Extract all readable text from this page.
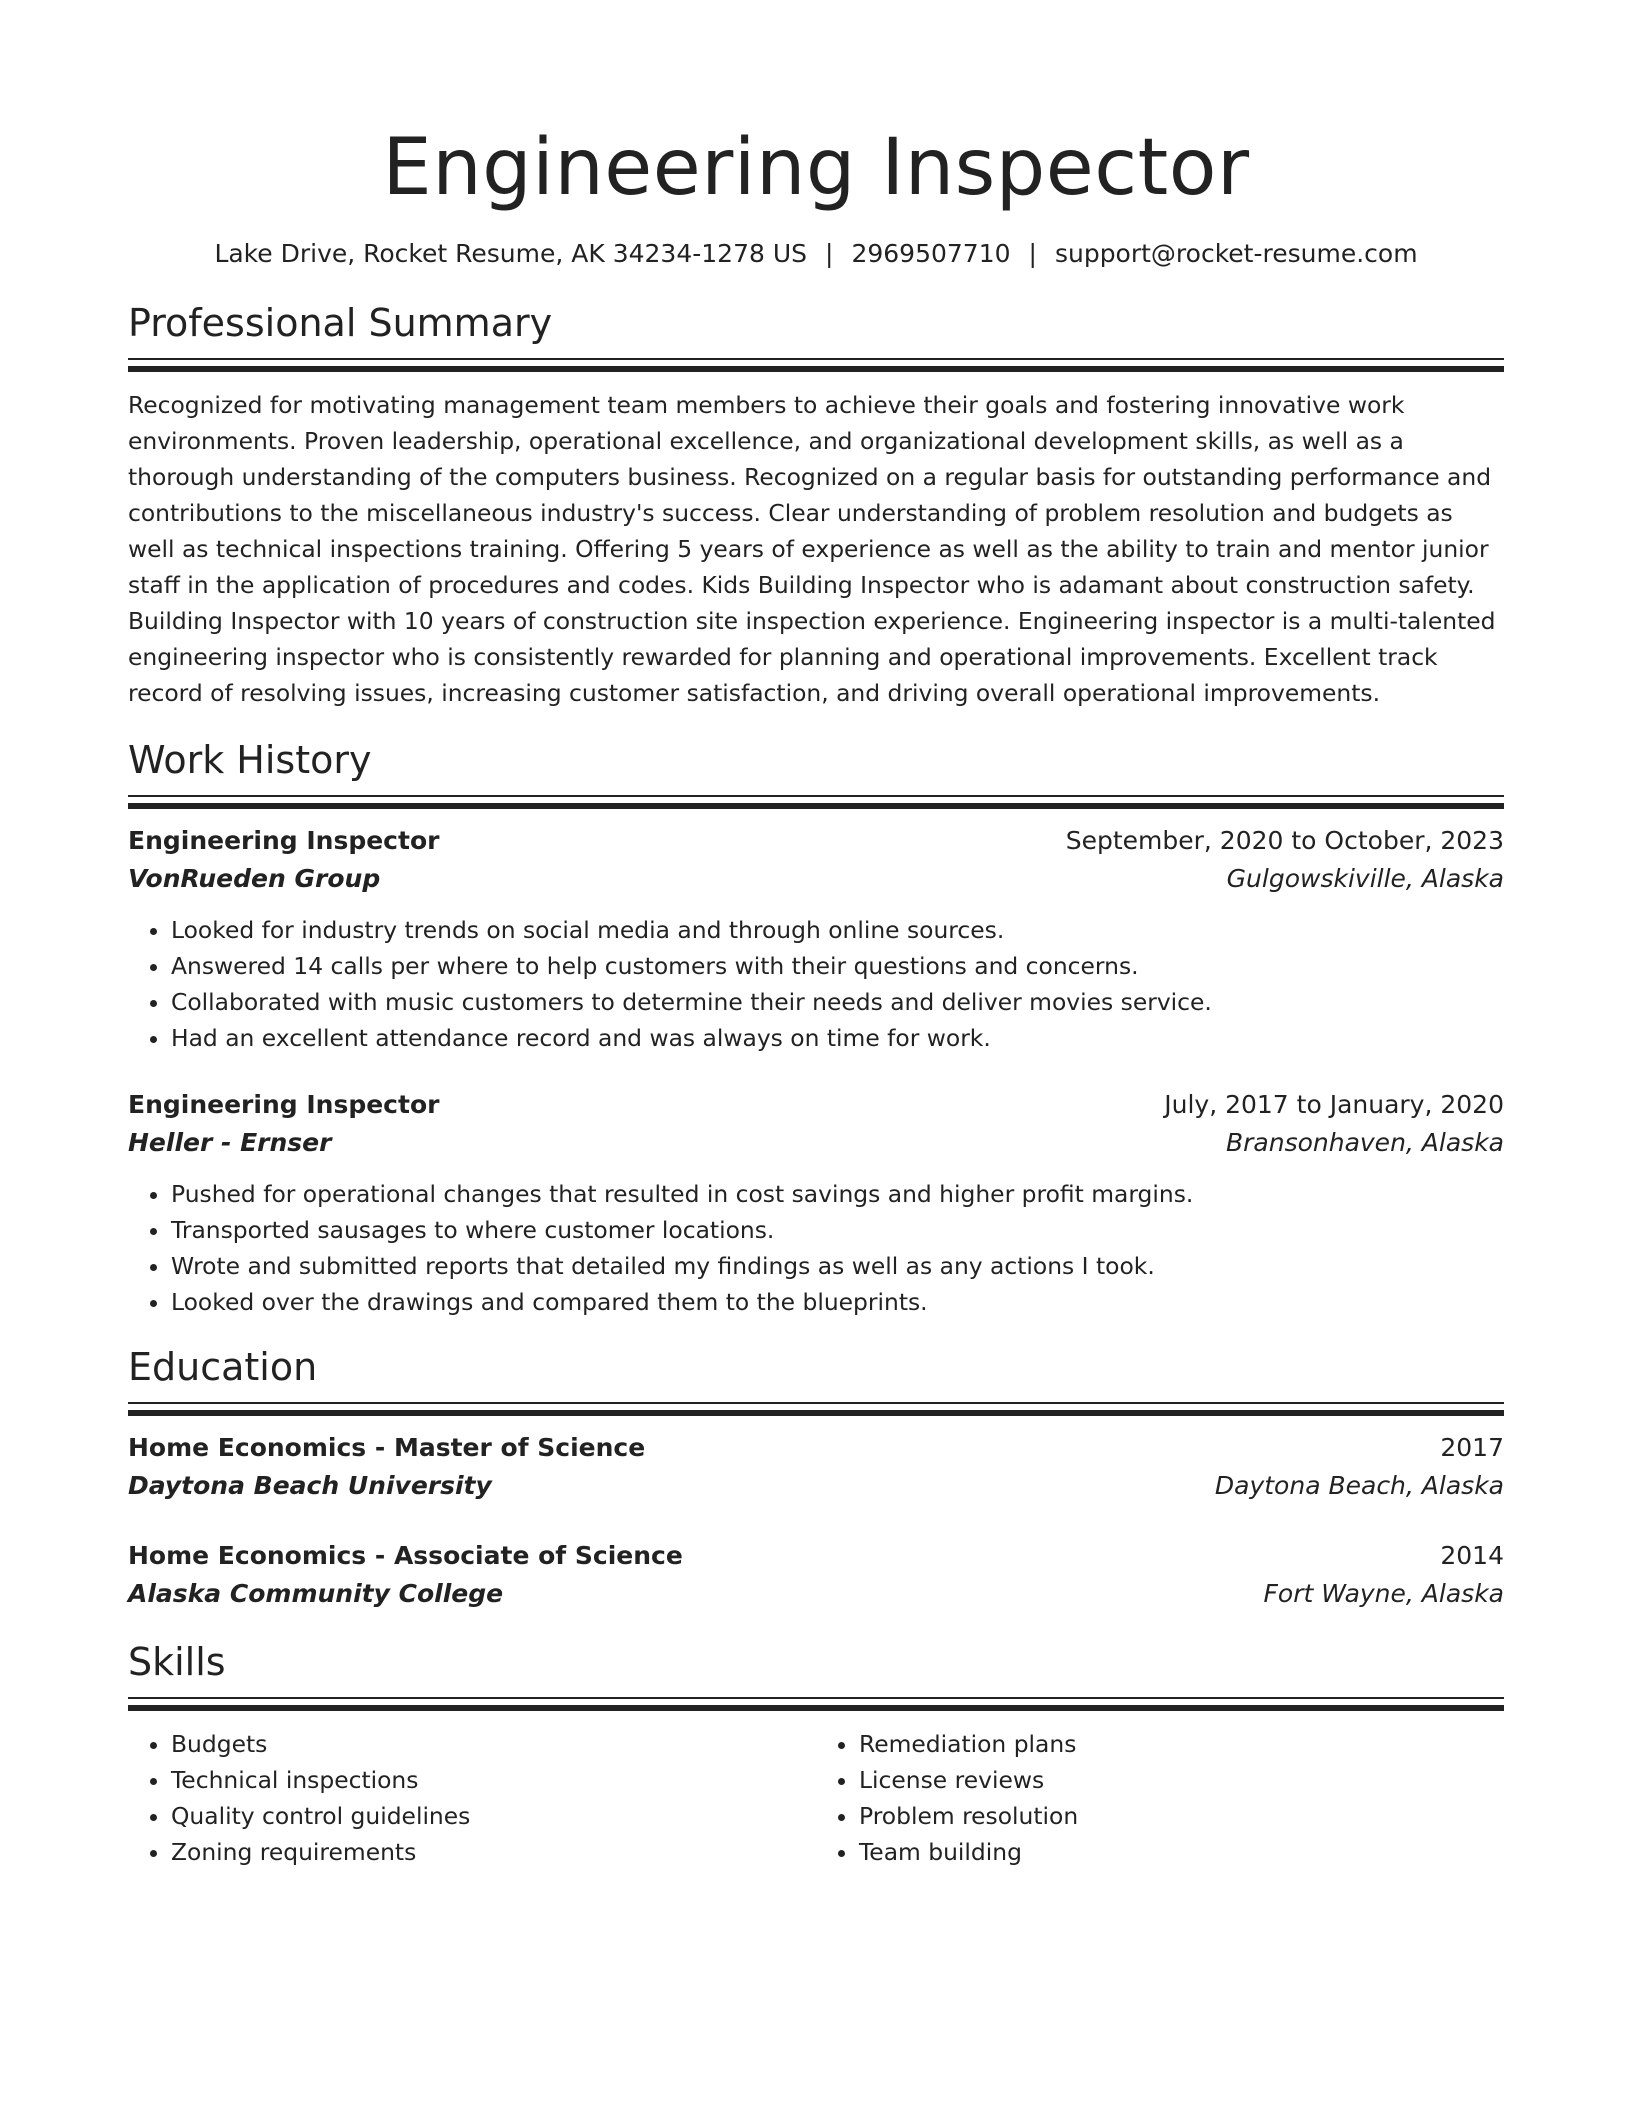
Engineering Inspector
Lake Drive, Rocket Resume, AK 34234-1278 US | 2969507710 | support@rocket-resume.com
Professional Summary
Recognized for motivating management team members to achieve their goals and fostering innovative work environments. Proven leadership, operational excellence, and organizational development skills, as well as a thorough understanding of the computers business. Recognized on a regular basis for outstanding performance and contributions to the miscellaneous industry's success. Clear understanding of problem resolution and budgets as well as technical inspections training. Offering 5 years of experience as well as the ability to train and mentor junior staff in the application of procedures and codes. Kids Building Inspector who is adamant about construction safety. Building Inspector with 10 years of construction site inspection experience. Engineering inspector is a multi-talented engineering inspector who is consistently rewarded for planning and operational improvements. Excellent track record of resolving issues, increasing customer satisfaction, and driving overall operational improvements.
Work History
Engineering Inspector	September, 2020 to October, 2023
VonRueden Group	Gulgowskiville, Alaska
• Looked for industry trends on social media and through online sources.
• Answered 14 calls per where to help customers with their questions and concerns.
• Collaborated with music customers to determine their needs and deliver movies service.
• Had an excellent attendance record and was always on time for work.
Engineering Inspector	July, 2017 to January, 2020
Heller - Ernser	Bransonhaven, Alaska
• Pushed for operational changes that resulted in cost savings and higher profit margins.
• Transported sausages to where customer locations.
• Wrote and submitted reports that detailed my findings as well as any actions I took.
• Looked over the drawings and compared them to the blueprints.
Education
Home Economics - Master of Science	2017
Daytona Beach University	Daytona Beach, Alaska
Home Economics - Associate of Science	2014
Alaska Community College	Fort Wayne, Alaska
Skills
• Budgets
• Technical inspections
• Quality control guidelines
• Zoning requirements
• Remediation plans
• License reviews
• Problem resolution
• Team building
